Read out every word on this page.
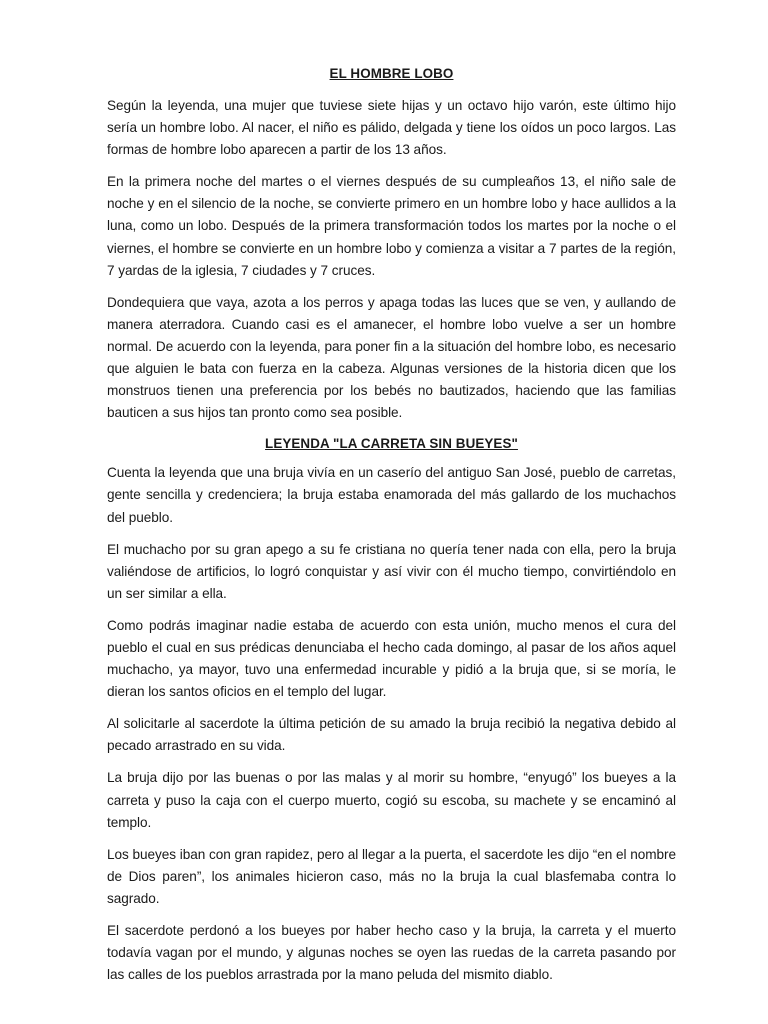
EL HOMBRE LOBO

Según la leyenda, una mujer que tuviese siete hijas y un octavo hijo varón, este último hijo sería un hombre lobo. Al nacer, el niño es pálido, delgada y tiene los oídos un poco largos. Las formas de hombre lobo aparecen a partir de los 13 años.

En la primera noche del martes o el viernes después de su cumpleaños 13, el niño sale de noche y en el silencio de la noche, se convierte primero en un hombre lobo y hace aullidos a la luna, como un lobo. Después de la primera transformación todos los martes por la noche o el viernes, el hombre se convierte en un hombre lobo y comienza a visitar a 7 partes de la región, 7 yardas de la iglesia, 7 ciudades y 7 cruces.

Dondequiera que vaya, azota a los perros y apaga todas las luces que se ven, y aullando de manera aterradora. Cuando casi es el amanecer, el hombre lobo vuelve a ser un hombre normal. De acuerdo con la leyenda, para poner fin a la situación del hombre lobo, es necesario que alguien le bata con fuerza en la cabeza. Algunas versiones de la historia dicen que los monstruos tienen una preferencia por los bebés no bautizados, haciendo que las familias bauticen a sus hijos tan pronto como sea posible.

LEYENDA "LA CARRETA SIN BUEYES"

Cuenta la leyenda que una bruja vivía en un caserío del antiguo San José, pueblo de carretas, gente sencilla y credenciera; la bruja estaba enamorada del más gallardo de los muchachos del pueblo.

El muchacho por su gran apego a su fe cristiana no quería tener nada con ella, pero la bruja valiéndose de artificios, lo logró conquistar y así vivir con él mucho tiempo, convirtiéndolo en un ser similar a ella.

Como podrás imaginar nadie estaba de acuerdo con esta unión, mucho menos el cura del pueblo el cual en sus prédicas denunciaba el hecho cada domingo, al pasar de los años aquel muchacho, ya mayor, tuvo una enfermedad incurable y pidió a la bruja que, si se moría, le dieran los santos oficios en el templo del lugar.

Al solicitarle al sacerdote la última petición de su amado la bruja recibió la negativa debido al pecado arrastrado en su vida.

La bruja dijo por las buenas o por las malas y al morir su hombre, “enyugó” los bueyes a la carreta y puso la caja con el cuerpo muerto, cogió su escoba, su machete y se encaminó al templo.

Los bueyes iban con gran rapidez, pero al llegar a la puerta, el sacerdote les dijo “en el nombre de Dios paren”, los animales hicieron caso, más no la bruja la cual blasfemaba contra lo sagrado.

El sacerdote perdonó a los bueyes por haber hecho caso y la bruja, la carreta y el muerto todavía vagan por el mundo, y algunas noches se oyen las ruedas de la carreta pasando por las calles de los pueblos arrastrada por la mano peluda del mismito diablo.
